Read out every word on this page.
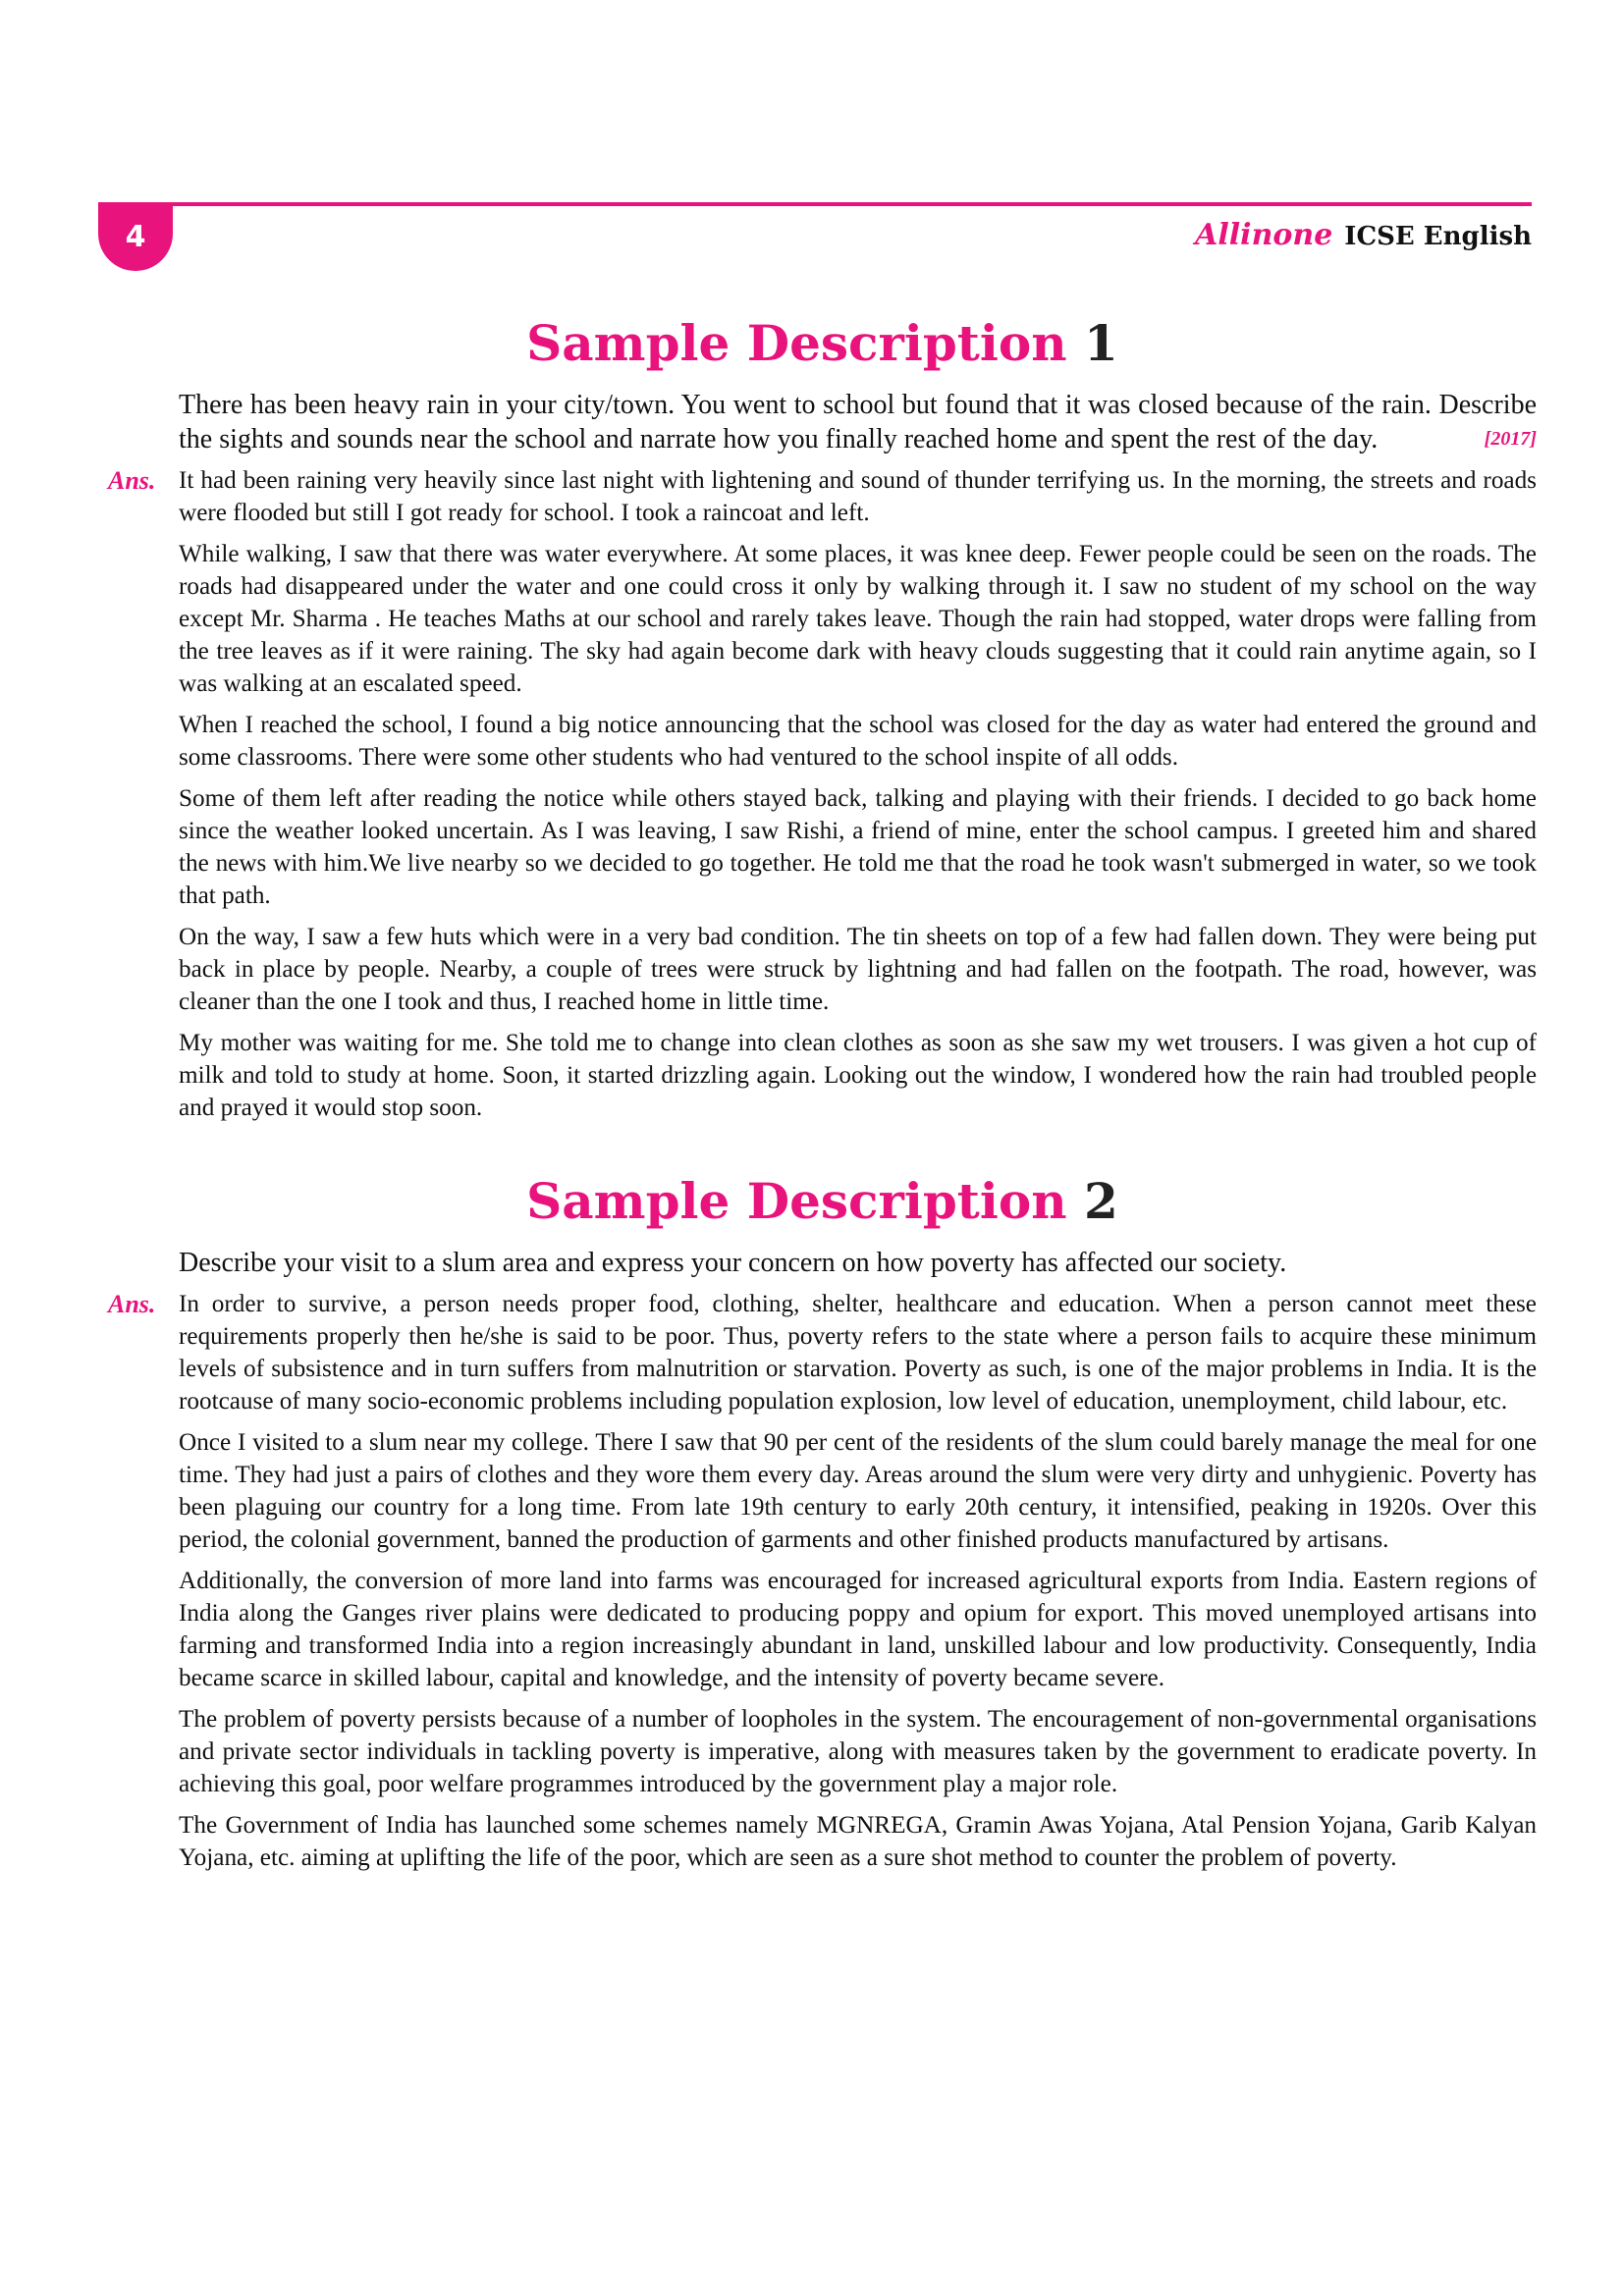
4	Allinone ICSE English
Sample Description 1
There has been heavy rain in your city/town. You went to school but found that it was closed because of the rain. Describe the sights and sounds near the school and narrate how you finally reached home and spent the rest of the day.	[2017]
Ans. It had been raining very heavily since last night with lightening and sound of thunder terrifying us. In the morning, the streets and roads were flooded but still I got ready for school. I took a raincoat and left.

While walking, I saw that there was water everywhere. At some places, it was knee deep. Fewer people could be seen on the roads. The roads had disappeared under the water and one could cross it only by walking through it. I saw no student of my school on the way except Mr. Sharma . He teaches Maths at our school and rarely takes leave. Though the rain had stopped, water drops were falling from the tree leaves as if it were raining. The sky had again become dark with heavy clouds suggesting that it could rain anytime again, so I was walking at an escalated speed.

When I reached the school, I found a big notice announcing that the school was closed for the day as water had entered the ground and some classrooms. There were some other students who had ventured to the school inspite of all odds.

Some of them left after reading the notice while others stayed back, talking and playing with their friends. I decided to go back home since the weather looked uncertain. As I was leaving, I saw Rishi, a friend of mine, enter the school campus. I greeted him and shared the news with him.We live nearby so we decided to go together. He told me that the road he took wasn't submerged in water, so we took that path.

On the way, I saw a few huts which were in a very bad condition. The tin sheets on top of a few had fallen down. They were being put back in place by people. Nearby, a couple of trees were struck by lightning and had fallen on the footpath. The road, however, was cleaner than the one I took and thus, I reached home in little time.

My mother was waiting for me. She told me to change into clean clothes as soon as she saw my wet trousers. I was given a hot cup of milk and told to study at home. Soon, it started drizzling again. Looking out the window, I wondered how the rain had troubled people and prayed it would stop soon.

Sample Description 2
Describe your visit to a slum area and express your concern on how poverty has affected our society.
Ans. In order to survive, a person needs proper food, clothing, shelter, healthcare and education. When a person cannot meet these requirements properly then he/she is said to be poor. Thus, poverty refers to the state where a person fails to acquire these minimum levels of subsistence and in turn suffers from malnutrition or starvation. Poverty as such, is one of the major problems in India. It is the rootcause of many socio-economic problems including population explosion, low level of education, unemployment, child labour, etc.

Once I visited to a slum near my college. There I saw that 90 per cent of the residents of the slum could barely manage the meal for one time. They had just a pairs of clothes and they wore them every day. Areas around the slum were very dirty and unhygienic. Poverty has been plaguing our country for a long time. From late 19th century to early 20th century, it intensified, peaking in 1920s. Over this period, the colonial government, banned the production of garments and other finished products manufactured by artisans.

Additionally, the conversion of more land into farms was encouraged for increased agricultural exports from India. Eastern regions of India along the Ganges river plains were dedicated to producing poppy and opium for export. This moved unemployed artisans into farming and transformed India into a region increasingly abundant in land, unskilled labour and low productivity. Consequently, India became scarce in skilled labour, capital and knowledge, and the intensity of poverty became severe.

The problem of poverty persists because of a number of loopholes in the system. The encouragement of non-governmental organisations and private sector individuals in tackling poverty is imperative, along with measures taken by the government to eradicate poverty. In achieving this goal, poor welfare programmes introduced by the government play a major role.

The Government of India has launched some schemes namely MGNREGA, Gramin Awas Yojana, Atal Pension Yojana, Garib Kalyan Yojana, etc. aiming at uplifting the life of the poor, which are seen as a sure shot method to counter the problem of poverty.
